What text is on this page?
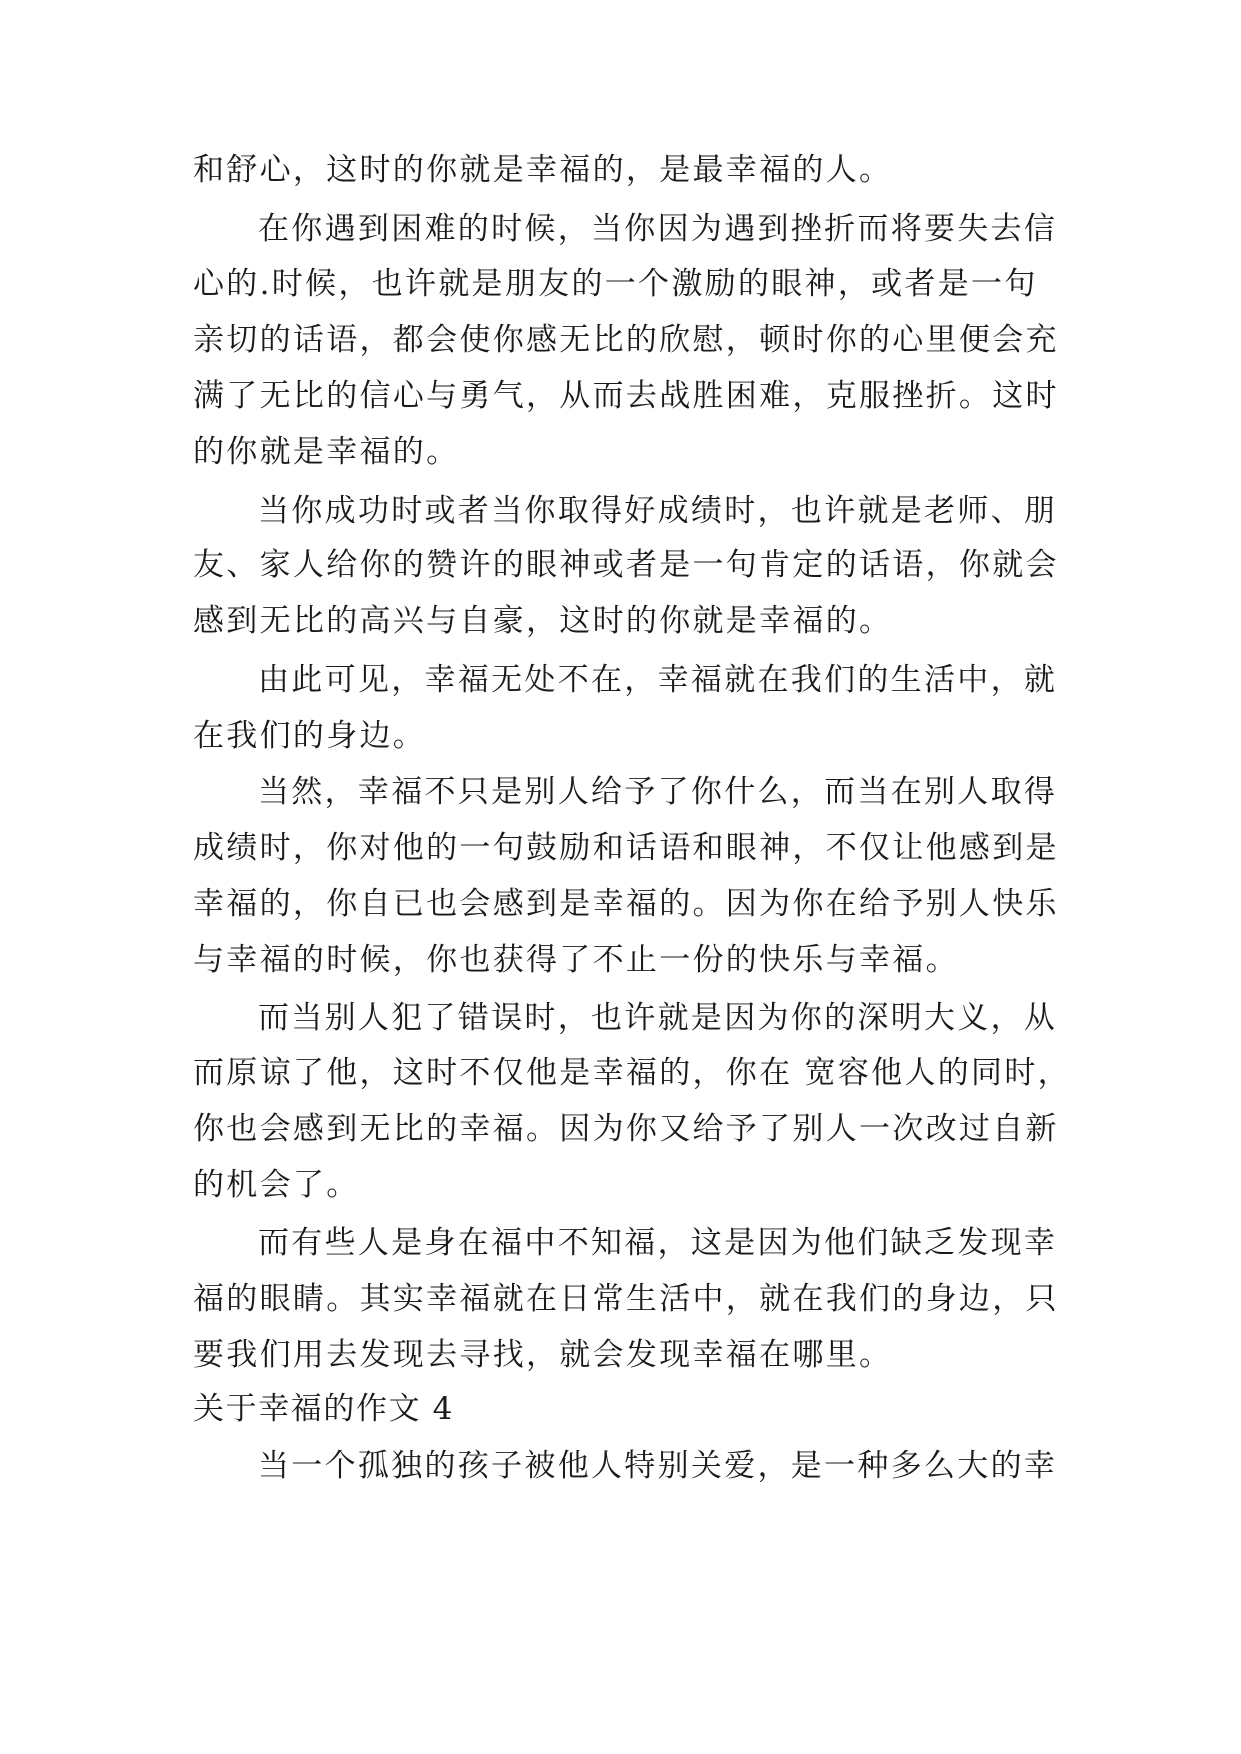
和舒心，这时的你就是幸福的，是最幸福的人。
在你遇到困难的时候，当你因为遇到挫折而将要失去信
心的.时候，也许就是朋友的一个激励的眼神，或者是一句
亲切的话语，都会使你感无比的欣慰，顿时你的心里便会充
满了无比的信心与勇气，从而去战胜困难，克服挫折。这时
的你就是幸福的。
当你成功时或者当你取得好成绩时，也许就是老师、朋
友、家人给你的赞许的眼神或者是一句肯定的话语，你就会
感到无比的高兴与自豪，这时的你就是幸福的。
由此可见，幸福无处不在，幸福就在我们的生活中，就
在我们的身边。
当然，幸福不只是别人给予了你什么，而当在别人取得
成绩时，你对他的一句鼓励和话语和眼神，不仅让他感到是
幸福的，你自已也会感到是幸福的。因为你在给予别人快乐
与幸福的时候，你也获得了不止一份的快乐与幸福。
而当别人犯了错误时，也许就是因为你的深明大义，从
而原谅了他，这时不仅他是幸福的，你在 宽容他人的同时，
你也会感到无比的幸福。因为你又给予了别人一次改过自新
的机会了。
而有些人是身在福中不知福，这是因为他们缺乏发现幸
福的眼睛。其实幸福就在日常生活中，就在我们的身边，只
要我们用去发现去寻找，就会发现幸福在哪里。
关于幸福的作文 4
当一个孤独的孩子被他人特别关爱，是一种多么大的幸
